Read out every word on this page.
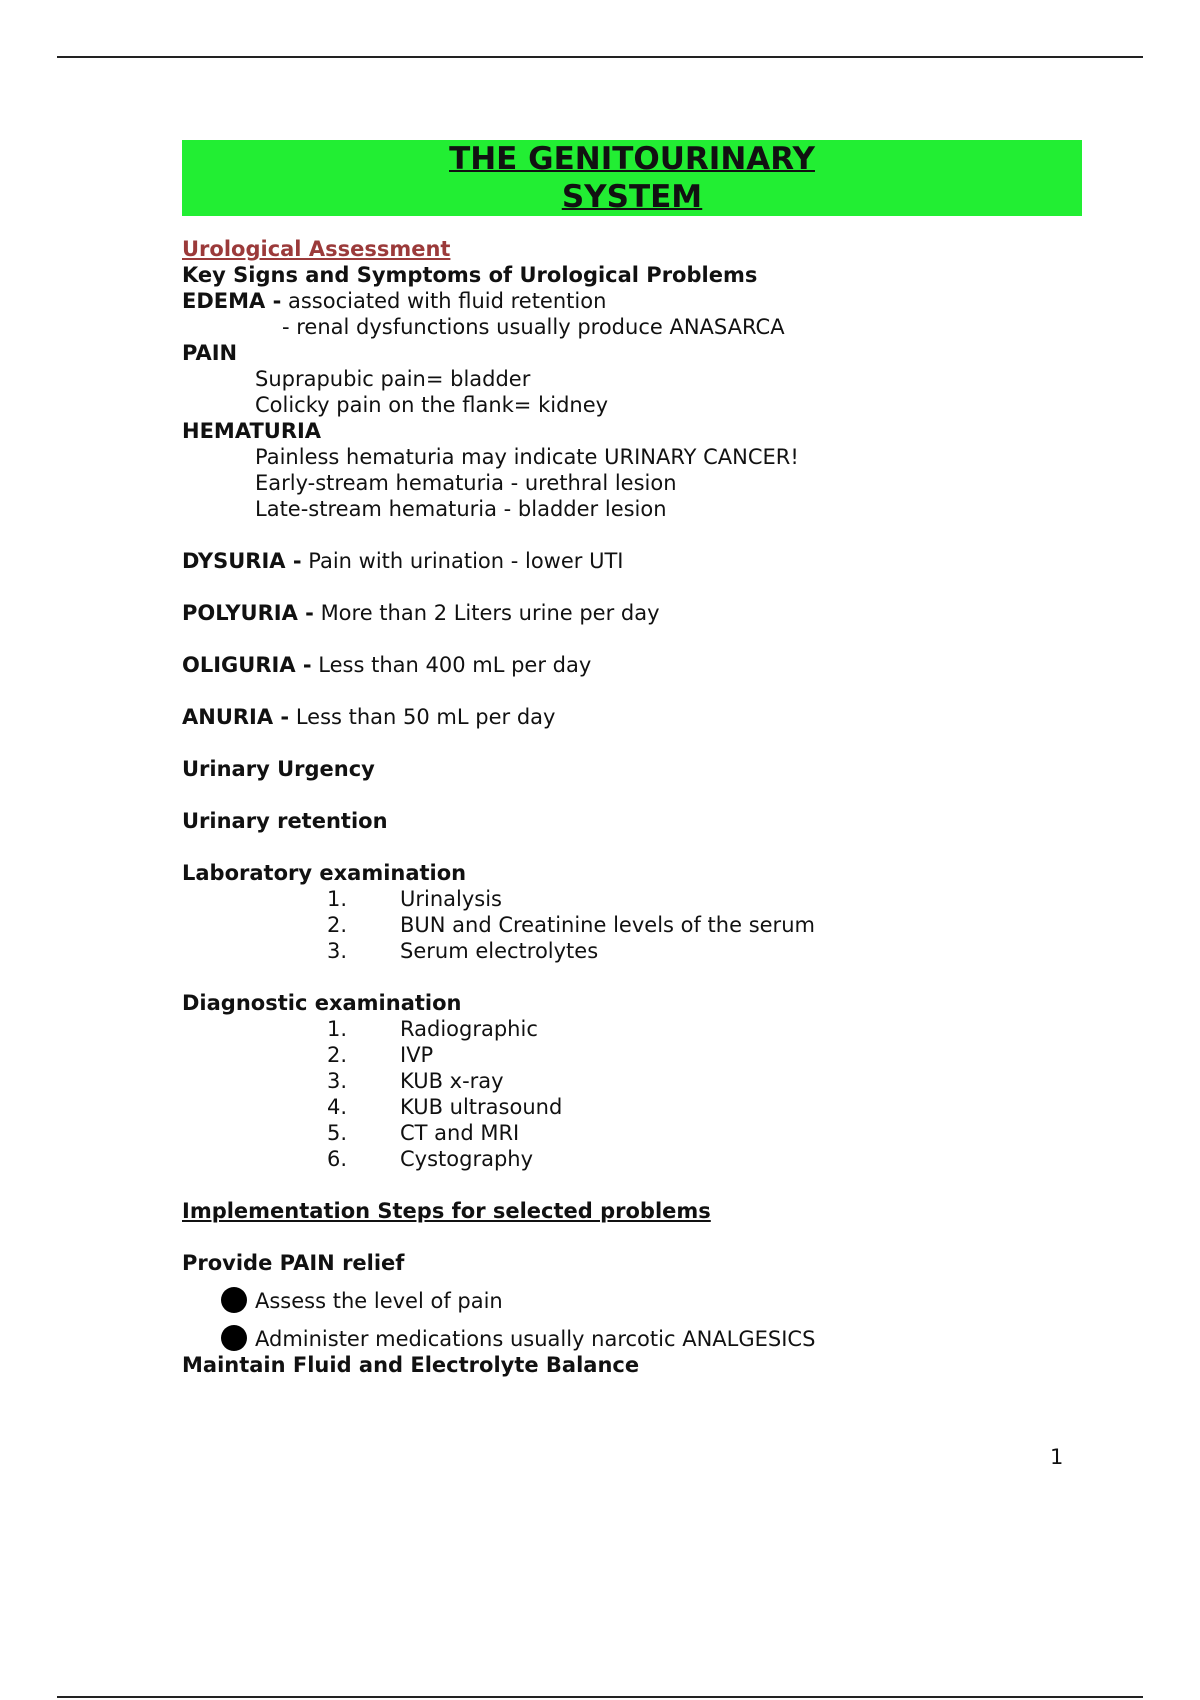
THE GENITOURINARY
SYSTEM
Urological Assessment
Key Signs and Symptoms of Urological Problems
EDEMA - associated with fluid retention
- renal dysfunctions usually produce ANASARCA
PAIN
Suprapubic pain= bladder
Colicky pain on the flank= kidney
HEMATURIA
Painless hematuria may indicate URINARY CANCER!
Early-stream hematuria - urethral lesion
Late-stream hematuria - bladder lesion
DYSURIA - Pain with urination - lower UTI
POLYURIA - More than 2 Liters urine per day
OLIGURIA - Less than 400 mL per day
ANURIA - Less than 50 mL per day
Urinary Urgency
Urinary retention
Laboratory examination
1.	Urinalysis
2.	BUN and Creatinine levels of the serum
3.	Serum electrolytes
Diagnostic examination
1.	Radiographic
2.	IVP
3.	KUB x-ray
4.	KUB ultrasound
5.	CT and MRI
6.	Cystography
Implementation Steps for selected problems
Provide PAIN relief
Assess the level of pain
Administer medications usually narcotic ANALGESICS
Maintain Fluid and Electrolyte Balance
1
